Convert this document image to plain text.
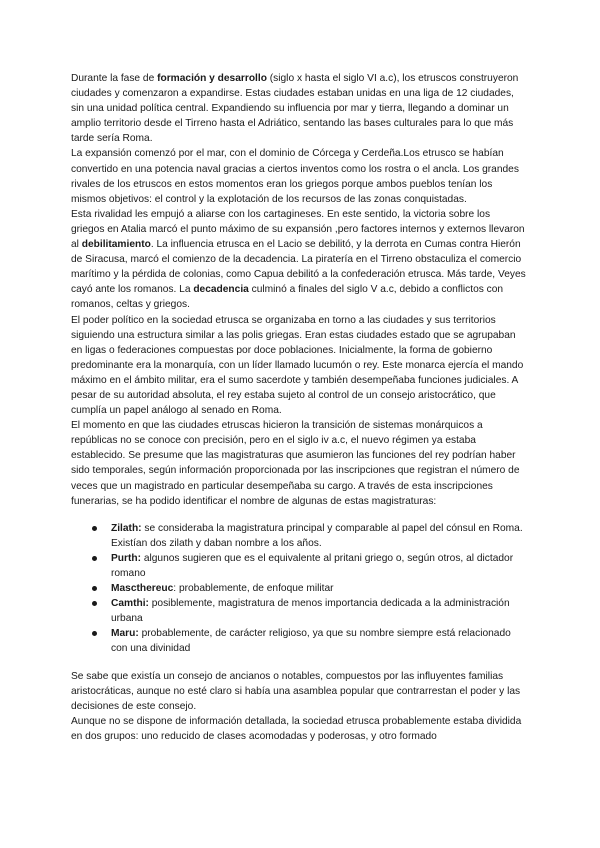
Durante la fase de formación y desarrollo (siglo x hasta el siglo VI a.c), los etruscos construyeron ciudades y comenzaron a expandirse. Estas ciudades estaban unidas en una liga de 12 ciudades, sin una unidad política central. Expandiendo su influencia por mar y tierra, llegando a dominar un amplio territorio desde el Tirreno hasta el Adriático, sentando las bases culturales para lo que más tarde sería Roma.

La expansión comenzó por el mar, con el dominio de Córcega y Cerdeña.Los etrusco se habían convertido en una potencia naval gracias a ciertos inventos como los rostra o el ancla. Los grandes rivales de los etruscos en estos momentos eran los griegos porque ambos pueblos tenían los mismos objetivos: el control y la explotación de los recursos de las zonas conquistadas.

Esta rivalidad les empujó a aliarse con los cartagineses. En este sentido, la victoria sobre los griegos en Atalia marcó el punto máximo de su expansión ,pero factores internos y externos llevaron al debilitamiento. La influencia etrusca en el Lacio se debilitó, y la derrota en Cumas contra Hierón de Siracusa, marcó el comienzo de la decadencia. La piratería en el Tirreno obstaculiza el comercio marítimo y la pérdida de colonias, como Capua debilitó a la confederación etrusca. Más tarde, Veyes cayó ante los romanos. La decadencia culminó a finales del siglo V a.c, debido a conflictos con romanos, celtas y griegos.

El poder político en la sociedad etrusca se organizaba en torno a las ciudades y sus territorios siguiendo una estructura similar a las polis griegas. Eran estas ciudades estado que se agrupaban en ligas o federaciones compuestas por doce poblaciones. Inicialmente, la forma de gobierno predominante era la monarquía, con un líder llamado lucumón o rey. Este monarca ejercía el mando máximo en el ámbito militar, era el sumo sacerdote y también desempeñaba funciones judiciales. A pesar de su autoridad absoluta, el rey estaba sujeto al control de un consejo aristocrático, que cumplía un papel análogo al senado en Roma.

El momento en que las ciudades etruscas hicieron la transición de sistemas monárquicos a repúblicas no se conoce con precisión, pero en el siglo iv a.c, el nuevo régimen ya estaba establecido. Se presume que las magistraturas que asumieron las funciones del rey podrían haber sido temporales, según información proporcionada por las inscripciones que registran el número de veces que un magistrado en particular desempeñaba su cargo. A través de esta inscripciones funerarias, se ha podido identificar el nombre de algunas de estas magistraturas:

Zilath: se consideraba la magistratura principal y comparable al papel del cónsul en Roma. Existían dos zilath y daban nombre a los años.
Purth: algunos sugieren que es el equivalente al pritani griego o, según otros, al dictador romano
Mascthereuc: probablemente, de enfoque militar
Camthi: posiblemente, magistratura de menos importancia dedicada a la administración urbana
Maru: probablemente, de carácter religioso, ya que su nombre siempre está relacionado con una divinidad

Se sabe que existía un consejo de ancianos o notables, compuestos por las influyentes familias aristocráticas, aunque no esté claro si había una asamblea popular que contrarrestan el poder y las decisiones de este consejo.

Aunque no se dispone de información detallada, la sociedad etrusca probablemente estaba dividida en dos grupos: uno reducido de clases acomodadas y poderosas, y otro formado
